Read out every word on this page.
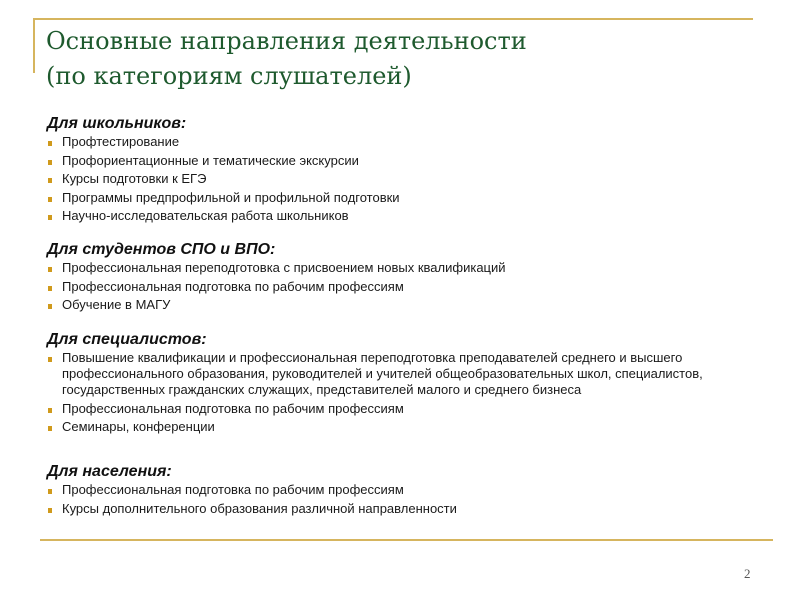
Основные направления деятельности
(по категориям слушателей)
Для школьников:
Профтестирование
Профориентационные и тематические экскурсии
Курсы подготовки к ЕГЭ
Программы предпрофильной и профильной подготовки
Научно-исследовательская работа школьников
Для студентов СПО и ВПО:
Профессиональная переподготовка с присвоением новых квалификаций
Профессиональная подготовка по рабочим профессиям
Обучение в МАГУ
Для специалистов:
Повышение квалификации и профессиональная переподготовка преподавателей среднего и высшего профессионального образования, руководителей и учителей общеобразовательных школ, специалистов, государственных гражданских служащих, представителей малого и среднего бизнеса
Профессиональная подготовка по рабочим профессиям
Семинары, конференции
Для населения:
Профессиональная подготовка по рабочим профессиям
Курсы дополнительного образования различной направленности
2
